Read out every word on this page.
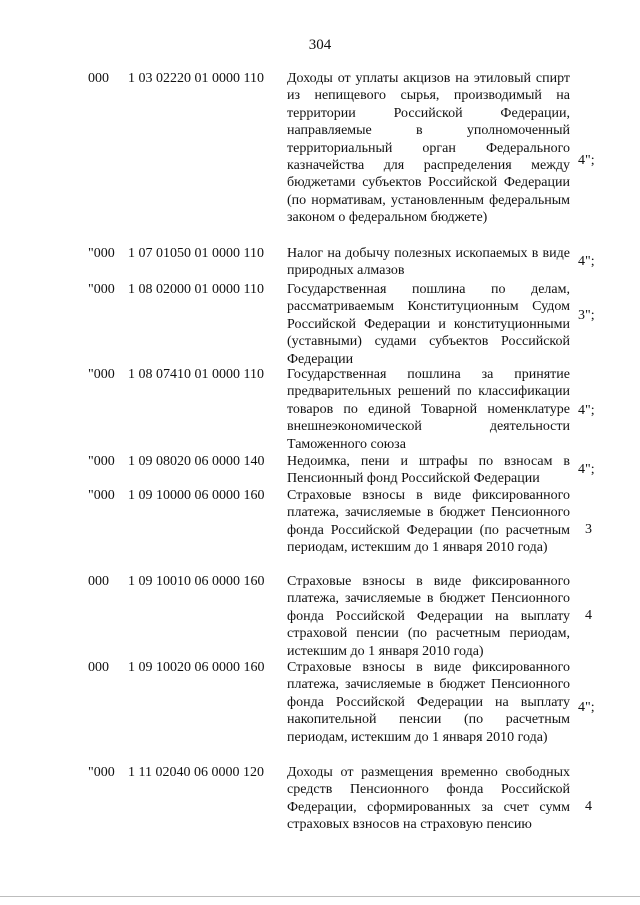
304
000 1 03 02220 01 0000 110 Доходы от уплаты акцизов на этиловый спирт из непищевого сырья, производимый на территории Российской Федерации, направляемые в уполномоченный территориальный орган Федерального казначейства для распределения между бюджетами субъектов Российской Федерации (по нормативам, установленным федеральным законом о федеральном бюджете)
4";
"000 1 07 01050 01 0000 110 Налог на добычу полезных ископаемых в виде природных алмазов
4";
"000 1 08 02000 01 0000 110 Государственная пошлина по делам, рассматриваемым Конституционным Судом Российской Федерации и конституционными (уставными) судами субъектов Российской Федерации
3";
"000 1 08 07410 01 0000 110 Государственная пошлина за принятие предварительных решений по классификации товаров по единой Товарной номенклатуре внешнеэкономической деятельности Таможенного союза
4";
"000 1 09 08020 06 0000 140 Недоимка, пени и штрафы по взносам в Пенсионный фонд Российской Федерации
4";
"000 1 09 10000 06 0000 160 Страховые взносы в виде фиксированного платежа, зачисляемые в бюджет Пенсионного фонда Российской Федерации (по расчетным периодам, истекшим до 1 января 2010 года)
3
000 1 09 10010 06 0000 160 Страховые взносы в виде фиксированного платежа, зачисляемые в бюджет Пенсионного фонда Российской Федерации на выплату страховой пенсии (по расчетным периодам, истекшим до 1 января 2010 года)
4
000 1 09 10020 06 0000 160 Страховые взносы в виде фиксированного платежа, зачисляемые в бюджет Пенсионного фонда Российской Федерации на выплату накопительной пенсии (по расчетным периодам, истекшим до 1 января 2010 года)
4";
"000 1 11 02040 06 0000 120 Доходы от размещения временно свободных средств Пенсионного фонда Российской Федерации, сформированных за счет сумм страховых взносов на страховую пенсию
4
